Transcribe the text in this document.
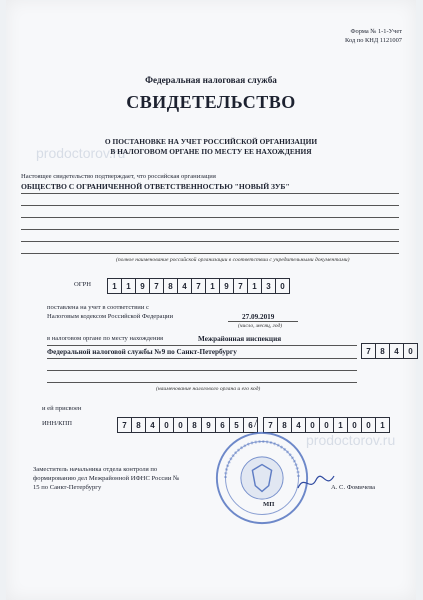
Форма № 1-1-Учет
Код по КНД 1121007
prodoctorov.ru
Федеральная налоговая служба
СВИДЕТЕЛЬСТВО
О ПОСТАНОВКЕ НА УЧЕТ РОССИЙСКОЙ ОРГАНИЗАЦИИ
В НАЛОГОВОМ ОРГАНЕ ПО МЕСТУ ЕЕ НАХОЖДЕНИЯ
Настоящее свидетельство подтверждает, что российская организация
ОБЩЕСТВО С ОГРАНИЧЕННОЙ ОТВЕТСТВЕННОСТЬЮ "НОВЫЙ ЗУБ"
(полное наименование российской организации в соответствии с учредительными документами)
ОГРН	1	1	9	7	8	4	7	1	9	7	1	3	0
поставлена на учет в соответствии с
Налоговым кодексом Российской Федерации	27.09.2019
(число, месяц, год)
в налоговом органе по месту нахождения	Межрайонная инспекция
Федеральной налоговой службы №9 по Санкт-Петербургу	7	8	4	0
(наименование налогового органа и его код)
и ей присвоен
ИНН/КПП	7	8	4	0	0	8	9	6	5	6 /	7	8	4	0	0	1	0	0	1
prodoctorov.ru
Заместитель начальника отдела контроля по
формированию дел Межрайонной ИФНС России №
15 по Санкт-Петербургу	А. С. Фомичева
МП
